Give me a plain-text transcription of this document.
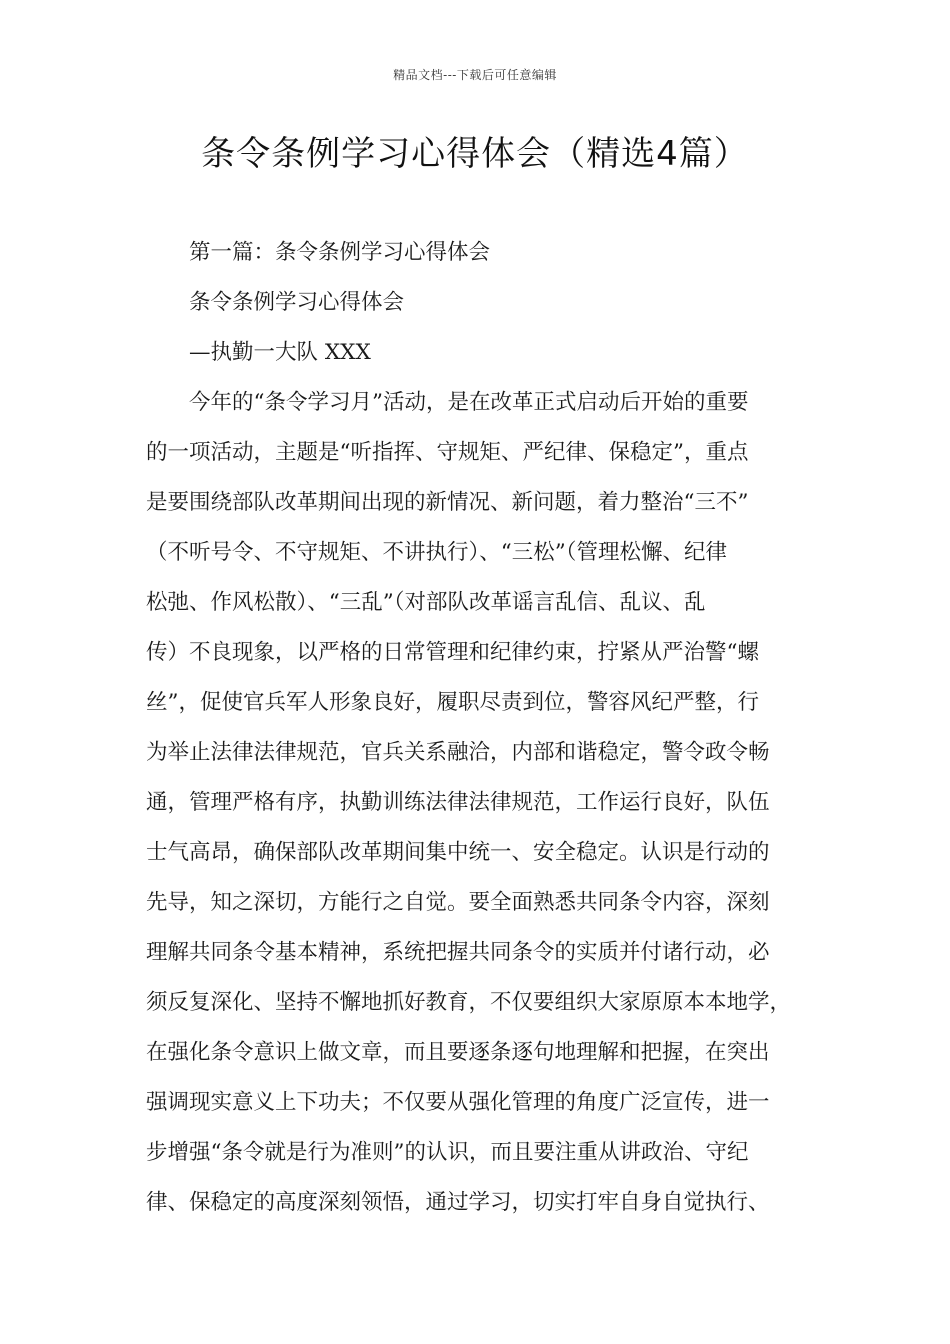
精品文档---下载后可任意编辑
条令条例学习心得体会（精选4篇）
第一篇：条令条例学习心得体会
条令条例学习心得体会
—执勤一大队 XXX
今年的“条令学习月”活动，是在改革正式启动后开始的重要
的一项活动，主题是“听指挥、守规矩、严纪律、保稳定”，重点
是要围绕部队改革期间出现的新情况、新问题，着力整治“三不”
（不听号令、不守规矩、不讲执行）、“三松”（管理松懈、纪律
松弛、作风松散）、“三乱”（对部队改革谣言乱信、乱议、乱
传）不良现象，以严格的日常管理和纪律约束，拧紧从严治警“螺
丝”，促使官兵军人形象良好，履职尽责到位，警容风纪严整，行
为举止法律法律规范，官兵关系融洽，内部和谐稳定，警令政令畅
通，管理严格有序，执勤训练法律法律规范，工作运行良好，队伍
士气高昂，确保部队改革期间集中统一、安全稳定。认识是行动的
先导，知之深切，方能行之自觉。要全面熟悉共同条令内容，深刻
理解共同条令基本精神，系统把握共同条令的实质并付诸行动，必
须反复深化、坚持不懈地抓好教育，不仅要组织大家原原本本地学，
在强化条令意识上做文章，而且要逐条逐句地理解和把握，在突出
强调现实意义上下功夫；不仅要从强化管理的角度广泛宣传，进一
步增强“条令就是行为准则”的认识，而且要注重从讲政治、守纪
律、保稳定的高度深刻领悟，通过学习，切实打牢自身自觉执行、
